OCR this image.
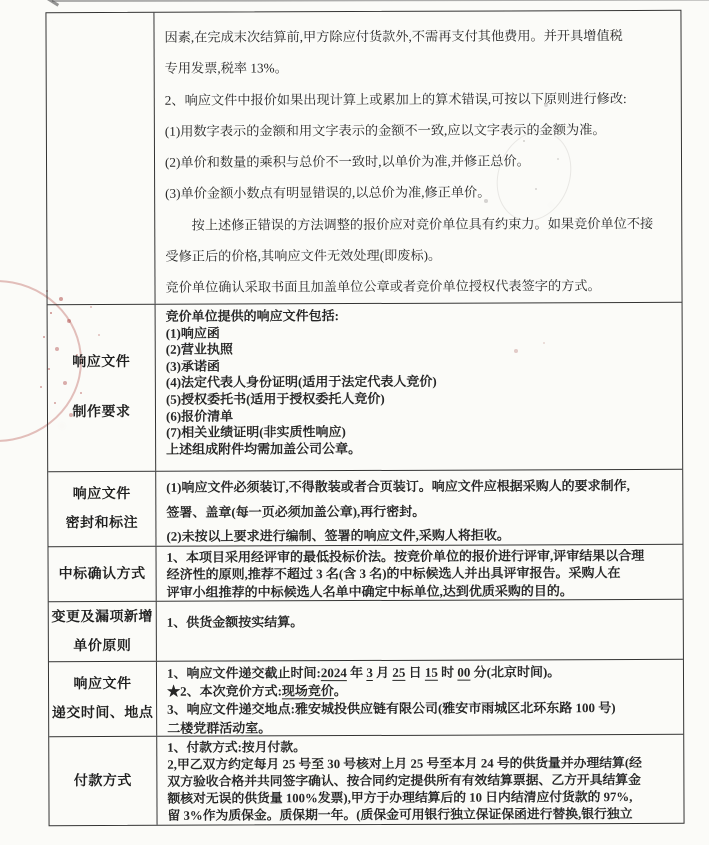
因素,在完成末次结算前,甲方除应付货款外,不需再支付其他费用。并开具增值税
专用发票,税率 13%。
2、响应文件中报价如果出现计算上或累加上的算术错误,可按以下原则进行修改:
(1)用数字表示的金额和用文字表示的金额不一致,应以文字表示的金额为准。
(2)单价和数量的乘积与总价不一致时,以单价为准,并修正总价。
(3)单价金额小数点有明显错误的,以总价为准,修正单价。
　　按上述修正错误的方法调整的报价应对竞价单位具有约束力。如果竞价单位不接
受修正后的价格,其响应文件无效处理(即废标)。
竞价单位确认采取书面且加盖单位公章或者竞价单位授权代表签字的方式。
响应文件
制作要求
竞价单位提供的响应文件包括:
(1)响应函
(2)营业执照
(3)承诺函
(4)法定代表人身份证明(适用于法定代表人竞价)
(5)授权委托书(适用于授权委托人竞价)
(6)报价清单
(7)相关业绩证明(非实质性响应)
上述组成附件均需加盖公司公章。
响应文件
密封和标注
(1)响应文件必须装订,不得散装或者合页装订。响应文件应根据采购人的要求制作,
签署、盖章(每一页必须加盖公章),再行密封。
(2)未按以上要求进行编制、签署的响应文件,采购人将拒收。
中标确认方式
1、本项目采用经评审的最低投标价法。按竞价单位的报价进行评审,评审结果以合理
经济性的原则,推荐不超过 3 名(含 3 名)的中标候选人并出具评审报告。采购人在
评审小组推荐的中标候选人名单中确定中标单位,达到优质采购的目的。
变更及漏项新增
单价原则
1、供货金额按实结算。
响应文件
递交时间、地点
1、响应文件递交截止时间:2024 年 3 月 25 日 15 时 00 分(北京时间)。
★2、本次竞价方式:现场竞价。
3、响应文件递交地点:雅安城投供应链有限公司(雅安市雨城区北环东路 100 号)
二楼党群活动室。
付款方式
1、付款方式:按月付款。
2,甲乙双方约定每月 25 号至 30 号核对上月 25 号至本月 24 号的供货量并办理结算(经
双方验收合格并共同签字确认、按合同约定提供所有有效结算票据、乙方开具结算金
额核对无误的供货量 100%发票),甲方于办理结算后的 10 日内结清应付货款的 97%,
留 3%作为质保金。质保期一年。(质保金可用银行独立保证保函进行替换,银行独立
